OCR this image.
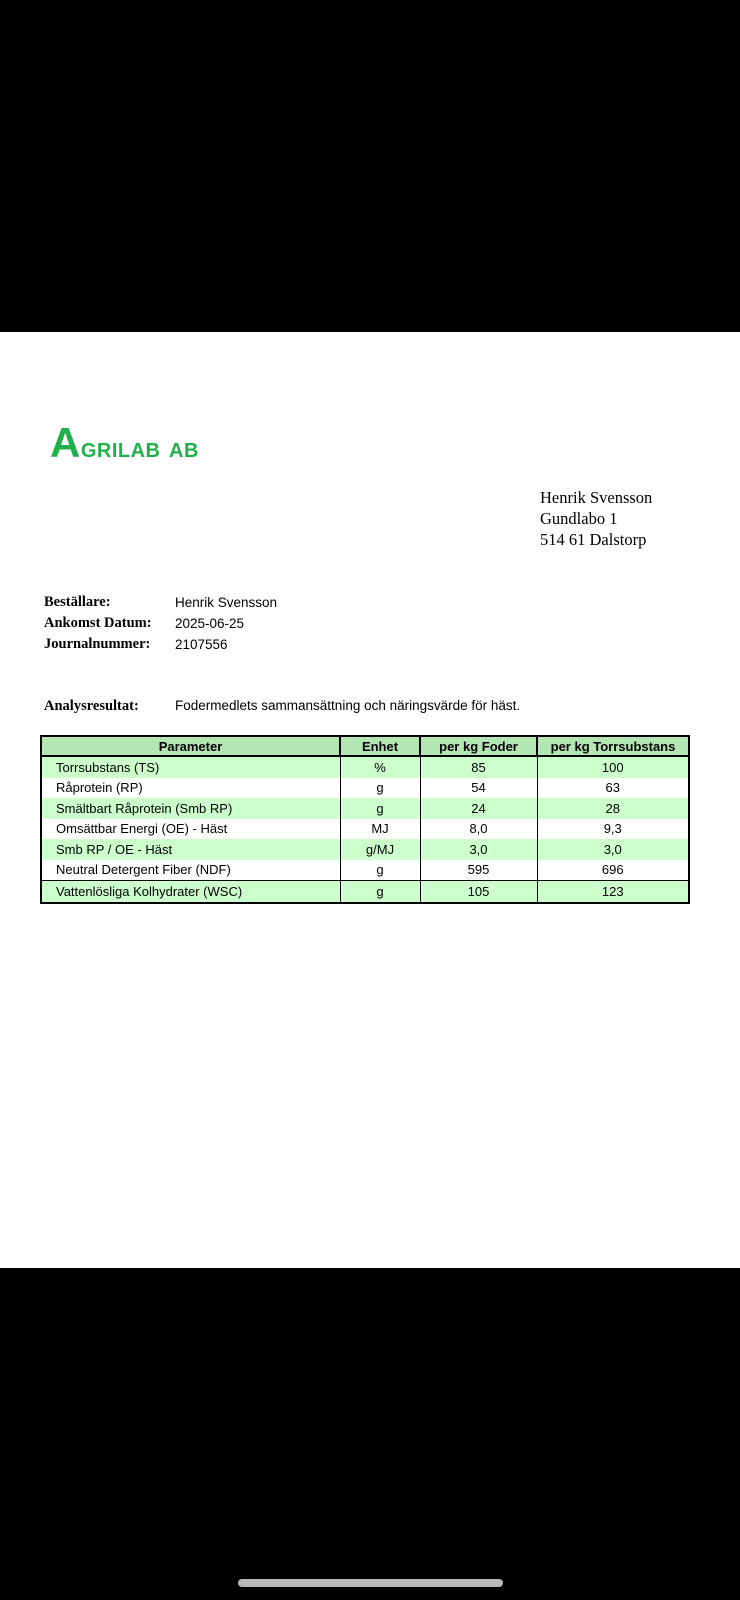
Agrilab ab
Henrik Svensson
Gundlabo 1
514 61 Dalstorp
Beställare:	Henrik Svensson
Ankomst Datum:	2025-06-25
Journalnummer:	2107556
Analysresultat:	Fodermedlets sammansättning och näringsvärde för häst.
Parameter	Enhet	per kg Foder	per kg Torrsubstans
Torrsubstans (TS)	%	85	100
Råprotein (RP)	g	54	63
Smältbart Råprotein (Smb RP)	g	24	28
Omsättbar Energi (OE) - Häst	MJ	8,0	9,3
Smb RP / OE - Häst	g/MJ	3,0	3,0
Neutral Detergent Fiber (NDF)	g	595	696
Vattenlösliga Kolhydrater (WSC)	g	105	123
